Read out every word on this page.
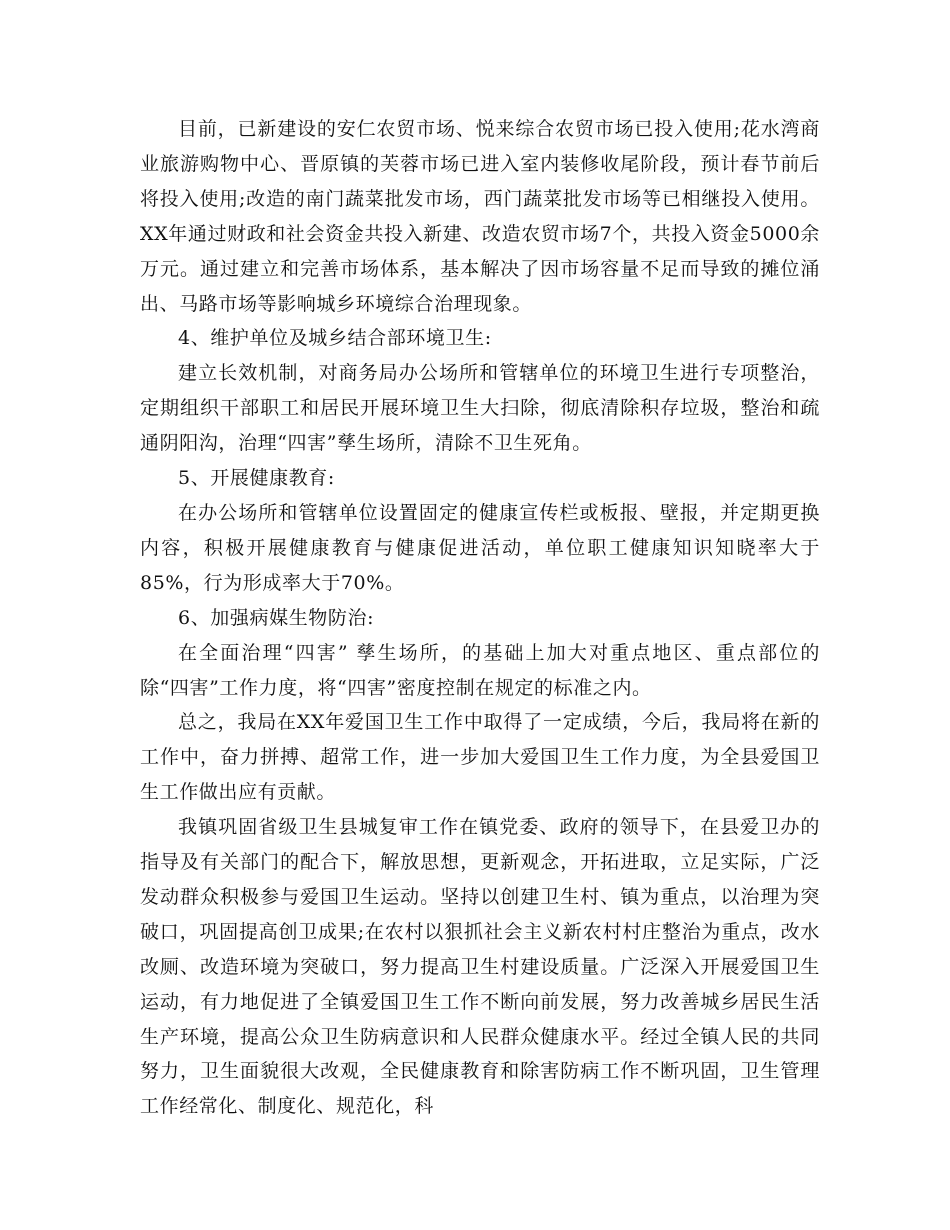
目前，已新建设的安仁农贸市场、悦来综合农贸市场已投入使用;花水湾商业旅游购物中心、晋原镇的芙蓉市场已进入室内装修收尾阶段，预计春节前后将投入使用;改造的南门蔬菜批发市场，西门蔬菜批发市场等已相继投入使用。XX年通过财政和社会资金共投入新建、改造农贸市场7个，共投入资金5000余万元。通过建立和完善市场体系，基本解决了因市场容量不足而导致的摊位涌出、马路市场等影响城乡环境综合治理现象。

4、维护单位及城乡结合部环境卫生:

建立长效机制，对商务局办公场所和管辖单位的环境卫生进行专项整治，定期组织干部职工和居民开展环境卫生大扫除，彻底清除积存垃圾，整治和疏通阴阳沟，治理“四害”孳生场所，清除不卫生死角。

5、开展健康教育:

在办公场所和管辖单位设置固定的健康宣传栏或板报、壁报，并定期更换内容，积极开展健康教育与健康促进活动，单位职工健康知识知晓率大于85%，行为形成率大于70%。

6、加强病媒生物防治:

在全面治理“四害” 孳生场所，的基础上加大对重点地区、重点部位的除“四害”工作力度，将“四害”密度控制在规定的标准之内。

总之，我局在XX年爱国卫生工作中取得了一定成绩，今后，我局将在新的工作中，奋力拼搏、超常工作，进一步加大爱国卫生工作力度，为全县爱国卫生工作做出应有贡献。

我镇巩固省级卫生县城复审工作在镇党委、政府的领导下，在县爱卫办的指导及有关部门的配合下，解放思想，更新观念，开拓进取，立足实际，广泛发动群众积极参与爱国卫生运动。坚持以创建卫生村、镇为重点，以治理为突破口，巩固提高创卫成果;在农村以狠抓社会主义新农村村庄整治为重点，改水改厕、改造环境为突破口，努力提高卫生村建设质量。广泛深入开展爱国卫生运动，有力地促进了全镇爱国卫生工作不断向前发展，努力改善城乡居民生活生产环境，提高公众卫生防病意识和人民群众健康水平。经过全镇人民的共同努力，卫生面貌很大改观，全民健康教育和除害防病工作不断巩固，卫生管理工作经常化、制度化、规范化，科
